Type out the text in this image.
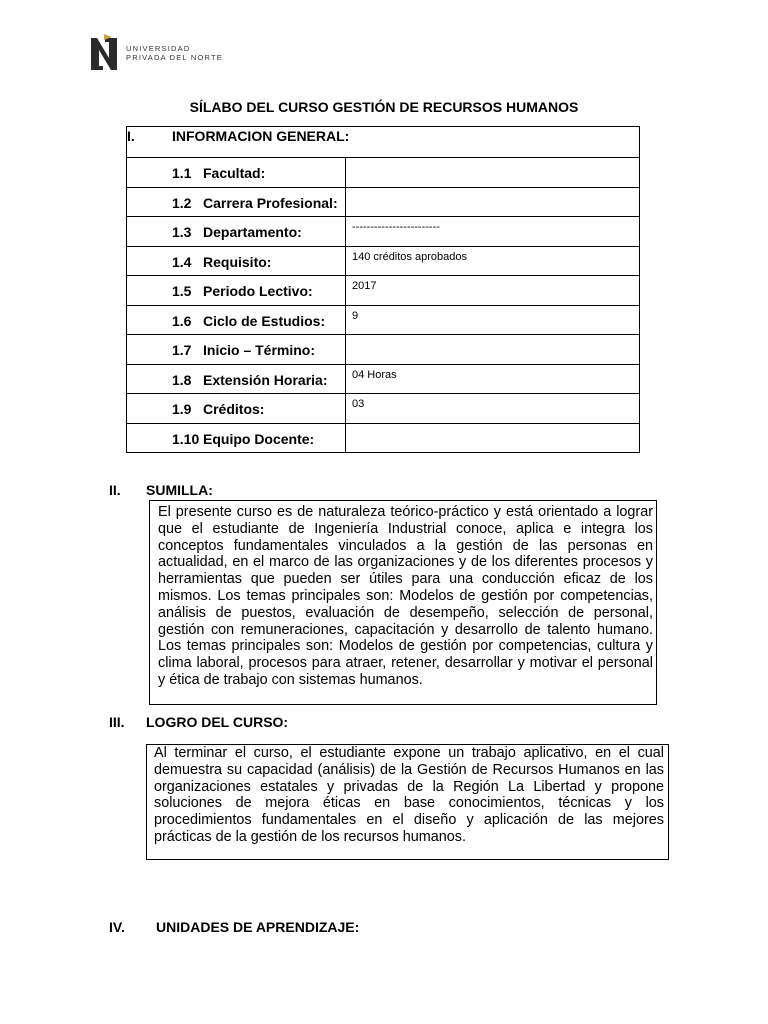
UNIVERSIDAD
PRIVADA DEL NORTE
SÍLABO DEL CURSO GESTIÓN DE RECURSOS HUMANOS
I. INFORMACION GENERAL:	
1.1 Facultad:	
1.2 Carrera Profesional:	
1.3 Departamento:	------------------------
1.4 Requisito:	140 créditos aprobados
1.5 Periodo Lectivo:	2017
1.6 Ciclo de Estudios:	9
1.7 Inicio – Término:	
1.8 Extensión Horaria:	04 Horas
1.9 Créditos:	03
1.10 Equipo Docente:	
II. SUMILLA:
El presente curso es de naturaleza teórico-práctico y está orientado a lograr que el estudiante de Ingeniería Industrial conoce, aplica e integra los conceptos fundamentales vinculados a la gestión de las personas en actualidad, en el marco de las organizaciones y de los diferentes procesos y herramientas que pueden ser útiles para una conducción eficaz de los mismos. Los temas principales son: Modelos de gestión por competencias, análisis de puestos, evaluación de desempeño, selección de personal, gestión con remuneraciones, capacitación y desarrollo de talento humano. Los temas principales son: Modelos de gestión por competencias, cultura y clima laboral, procesos para atraer, retener, desarrollar y motivar el personal y ética de trabajo con sistemas humanos.
III. LOGRO DEL CURSO:
Al terminar el curso, el estudiante expone un trabajo aplicativo, en el cual demuestra su capacidad (análisis) de la Gestión de Recursos Humanos en las organizaciones estatales y privadas de la Región La Libertad y propone soluciones de mejora éticas en base conocimientos, técnicas y los procedimientos fundamentales en el diseño y aplicación de las mejores prácticas de la gestión de los recursos humanos.
IV. UNIDADES DE APRENDIZAJE:
